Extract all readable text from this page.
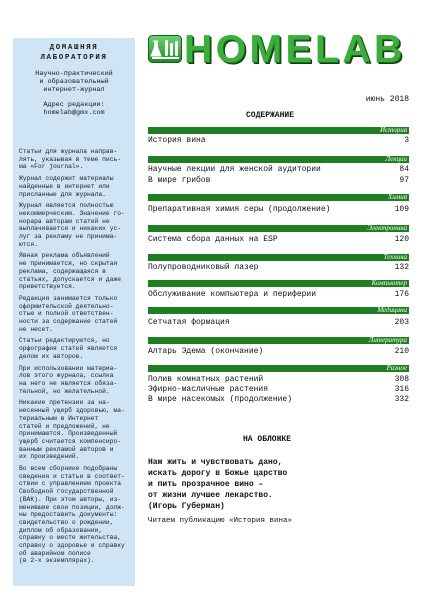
ДОМАШНЯЯ
ЛАБОРАТОРИЯ
Научно-практический
и образовательный
интернет-журнал
Адрес редакции:
homelab@gmx.com
Статьи для журнала направ-
лять, указывая в теме пись-
ма «For journal».
Журнал содержит материалы
найденные в интернет или
присланные для журнала.
Журнал является полностью
некоммерческим. Значение го-
норара авторам статей не
выплачивается и никаких ус-
луг за рекламу не принима-
ются.
Явная реклама объявлений
не принимается, но скрытая
реклама, содержащаяся в
статьях, допускается и даже
приветствуется.
Редакция занимается только
оформительской деятельно-
стью и полной ответствен-
ности за содержание статей
не несет.
Статьи редактируются, но
орфография статей является
делом их авторов.
При использовании материа-
лов этого журнала, ссылка
на него не является обяза-
тельной, но желательной.
Никакие претензии за на-
несенный ущерб здоровью, ма-
териальным в Интернет
статей и предложений, не
принимаются. Произведенный
ущерб считается компенсиро-
ванным рекламой авторов и
их произведений.
Во всем сборнике подобраны
сведения и статьи в соответ-
ствии с управлением проекта
Свободной государственной
(ВАК). При этом авторы, из-
менившие свои позиции, долж-
ны предоставить документы:
свидетельство о рождении,
диплом об образовании,
справку о месте жительства,
справку о здоровье и справку
об аварийном полисе
(в 2-х экземплярах).
HOMELAB
июнь 2018
СОДЕРЖАНИЕ
История
История вина	3
Лекции
Научные лекции для женской аудитории	84
В мире грибов	97
Химия
Препаративная химия серы (продолжение)	109
Электроника
Система сбора данных на ESP	120
Техника
Полупроводниковый лазер	132
Компьютер
Обслуживание компьютера и периферии	176
Медицина
Сетчатая формация	203
Литература
Алтарь Эдема (окончание)	210
Разное
Полив комнатных растений	308
Эфирно-масличные растения	316
В мире насекомых (продолжение)	332
НА ОБЛОЖКЕ
Нам жить и чувствовать дано,
искать дорогу в Божье царство
и пить прозрачное вино –
от жизни лучшее лекарство.
(Игорь Губерман)
Читаем публикацию «История вина»
